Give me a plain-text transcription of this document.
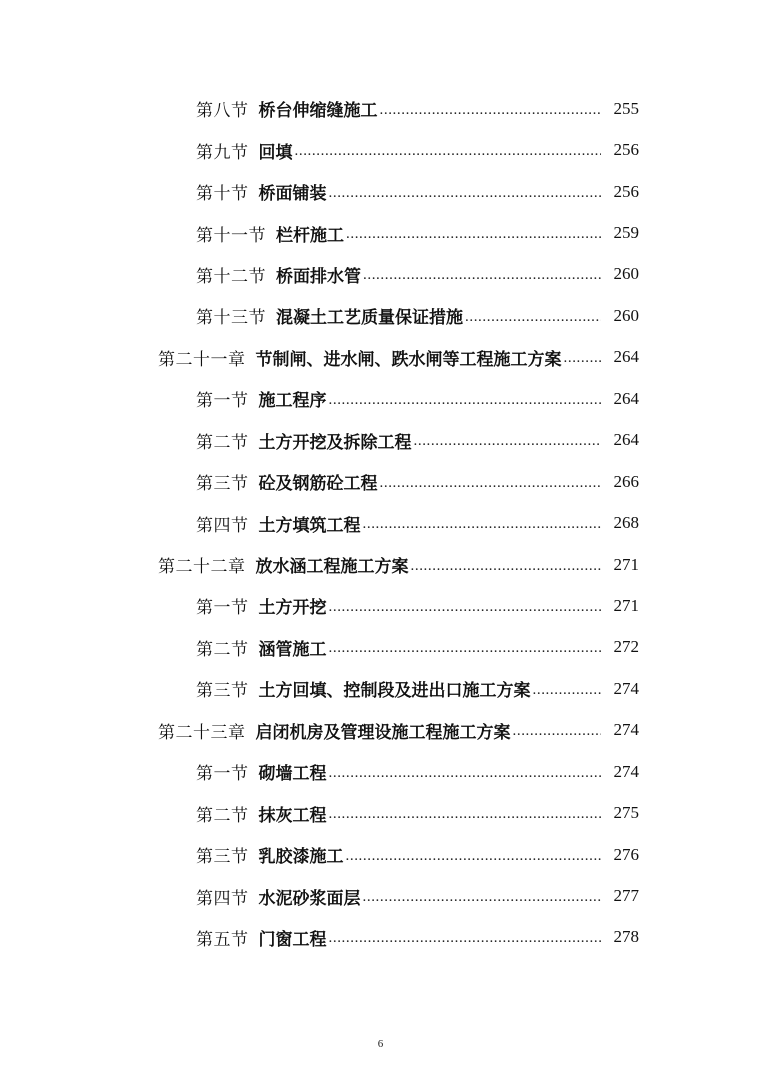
第八节 桥台伸缩缝施工 .....	255
第九节 回填 .....	256
第十节 桥面铺装 .....	256
第十一节 栏杆施工 .....	259
第十二节 桥面排水管 .....	260
第十三节 混凝土工艺质量保证措施 .....	260
第二十一章 节制闸、进水闸、跌水闸等工程施工方案 .....	264
第一节 施工程序 .....	264
第二节 土方开挖及拆除工程 .....	264
第三节 砼及钢筋砼工程 .....	266
第四节 土方填筑工程 .....	268
第二十二章 放水涵工程施工方案 .....	271
第一节 土方开挖 .....	271
第二节 涵管施工 .....	272
第三节 土方回填、控制段及进出口施工方案 .....	274
第二十三章 启闭机房及管理设施工程施工方案 .....	274
第一节 砌墙工程 .....	274
第二节 抹灰工程 .....	275
第三节 乳胶漆施工 .....	276
第四节 水泥砂浆面层 .....	277
第五节 门窗工程 .....	278
6
